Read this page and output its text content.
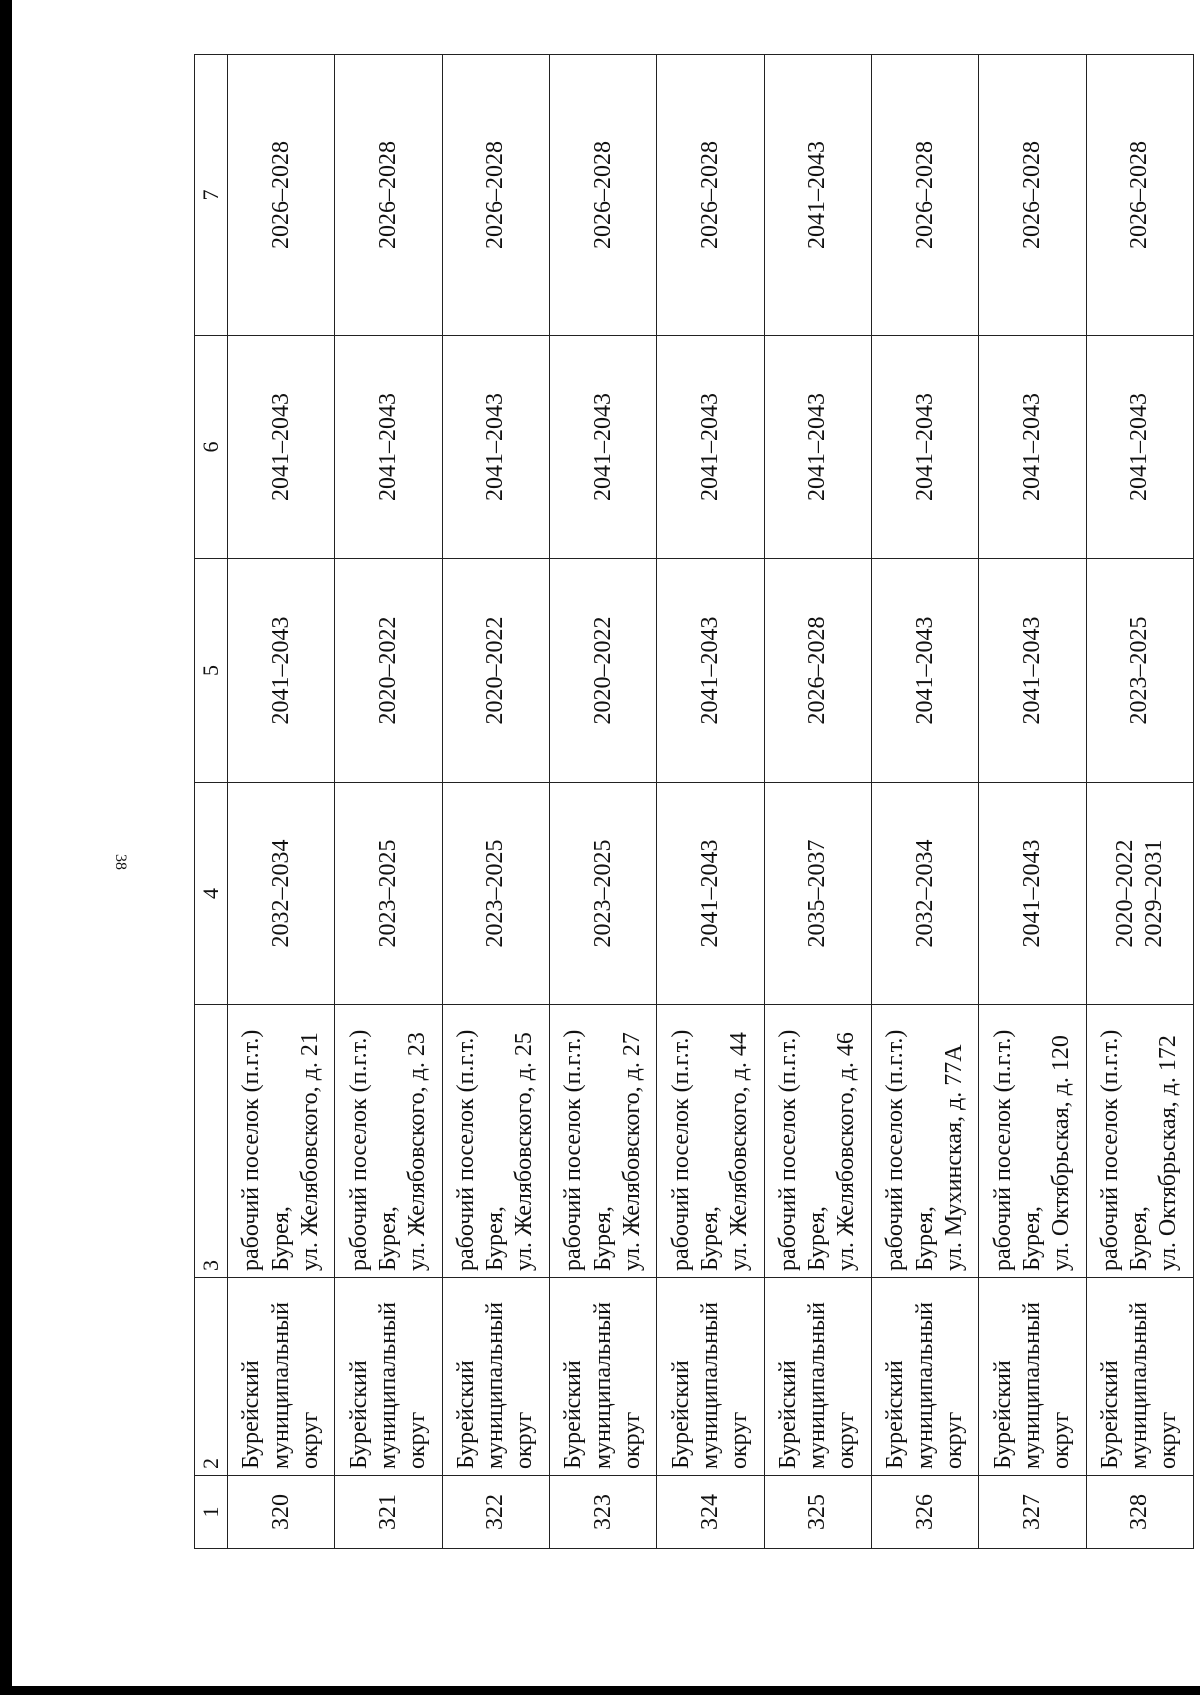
38
1	2	3	4	5	6	7
320	Бурейский муниципальный округ	рабочий поселок (п.г.т.) Бурея, ул. Желябовского, д. 21	2032–2034	2041–2043	2041–2043	2026–2028
321	Бурейский муниципальный округ	рабочий поселок (п.г.т.) Бурея, ул. Желябовского, д. 23	2023–2025	2020–2022	2041–2043	2026–2028
322	Бурейский муниципальный округ	рабочий поселок (п.г.т.) Бурея, ул. Желябовского, д. 25	2023–2025	2020–2022	2041–2043	2026–2028
323	Бурейский муниципальный округ	рабочий поселок (п.г.т.) Бурея, ул. Желябовского, д. 27	2023–2025	2020–2022	2041–2043	2026–2028
324	Бурейский муниципальный округ	рабочий поселок (п.г.т.) Бурея, ул. Желябовского, д. 44	2041–2043	2041–2043	2041–2043	2026–2028
325	Бурейский муниципальный округ	рабочий поселок (п.г.т.) Бурея, ул. Желябовского, д. 46	2035–2037	2026–2028	2041–2043	2041–2043
326	Бурейский муниципальный округ	рабочий поселок (п.г.т.) Бурея, ул. Мухинская, д. 77А	2032–2034	2041–2043	2041–2043	2026–2028
327	Бурейский муниципальный округ	рабочий поселок (п.г.т.) Бурея, ул. Октябрьская, д. 120	2041–2043	2041–2043	2041–2043	2026–2028
328	Бурейский муниципальный округ	рабочий поселок (п.г.т.) Бурея, ул. Октябрьская, д. 172	2020–2022 2029–2031	2023–2025	2041–2043	2026–2028
